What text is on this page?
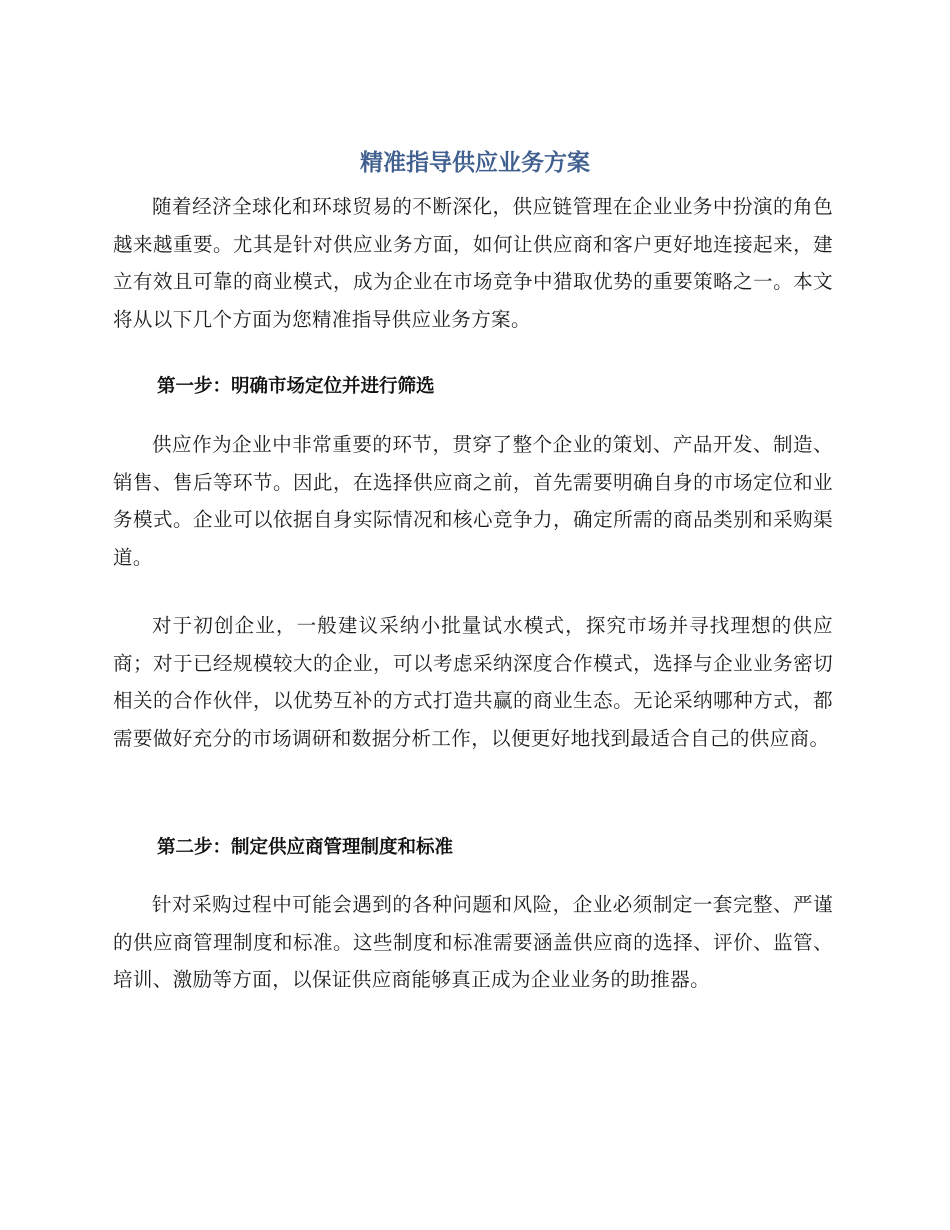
精准指导供应业务方案

随着经济全球化和环球贸易的不断深化，供应链管理在企业业务中扮演的角色越来越重要。尤其是针对供应业务方面，如何让供应商和客户更好地连接起来，建立有效且可靠的商业模式，成为企业在市场竞争中猎取优势的重要策略之一。本文将从以下几个方面为您精准指导供应业务方案。

第一步：明确市场定位并进行筛选

供应作为企业中非常重要的环节，贯穿了整个企业的策划、产品开发、制造、销售、售后等环节。因此，在选择供应商之前，首先需要明确自身的市场定位和业务模式。企业可以依据自身实际情况和核心竞争力，确定所需的商品类别和采购渠道。

对于初创企业，一般建议采纳小批量试水模式，探究市场并寻找理想的供应商；对于已经规模较大的企业，可以考虑采纳深度合作模式，选择与企业业务密切相关的合作伙伴，以优势互补的方式打造共赢的商业生态。无论采纳哪种方式，都需要做好充分的市场调研和数据分析工作，以便更好地找到最适合自己的供应商。

第二步：制定供应商管理制度和标准

针对采购过程中可能会遇到的各种问题和风险，企业必须制定一套完整、严谨的供应商管理制度和标准。这些制度和标准需要涵盖供应商的选择、评价、监管、培训、激励等方面，以保证供应商能够真正成为企业业务的助推器。
